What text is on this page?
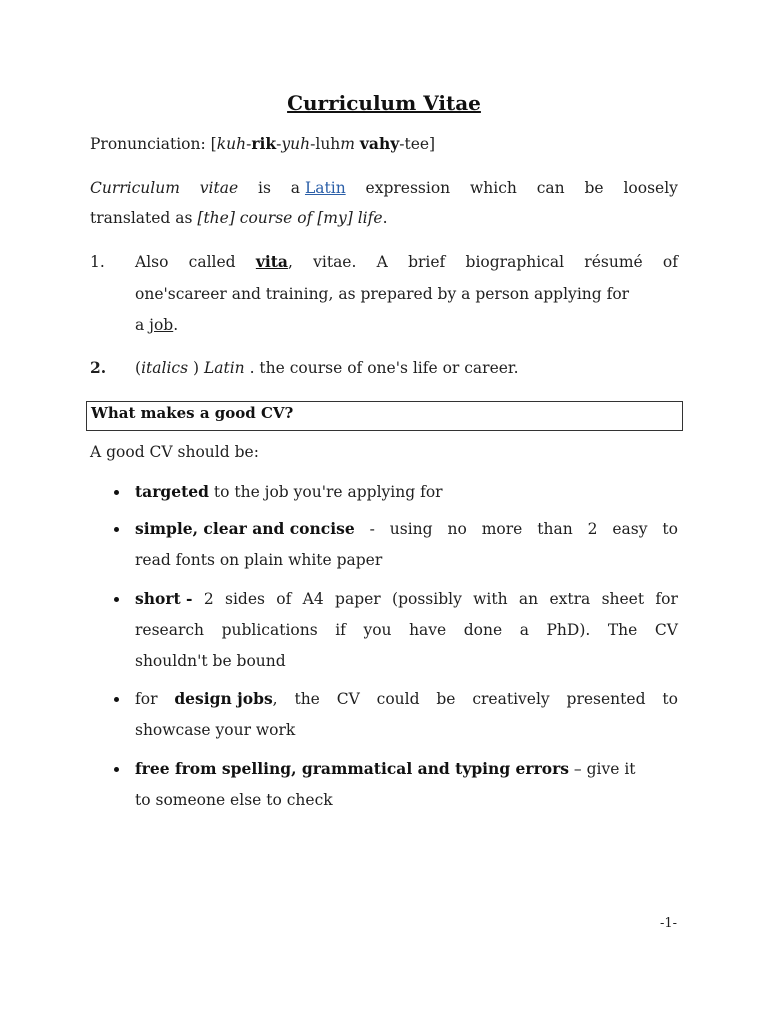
Curriculum Vitae
Pronunciation: [kuh-rik-yuh-luhm vahy-tee]
Curriculum vitae is a Latin expression which can be loosely
translated as [the] course of [my] life.
1. Also called vita, vitae. A brief biographical résumé of
one'scareer and training, as prepared by a person applying for
a job.
2. (italics ) Latin . the course of one's life or career.
What makes a good CV?
A good CV should be:
targeted to the job you're applying for
simple, clear and concise - using no more than 2 easy to
read fonts on plain white paper
short - 2 sides of A4 paper (possibly with an extra sheet for
research publications if you have done a PhD). The CV
shouldn't be bound
for design jobs, the CV could be creatively presented to
showcase your work
free from spelling, grammatical and typing errors – give it
to someone else to check
-1-
